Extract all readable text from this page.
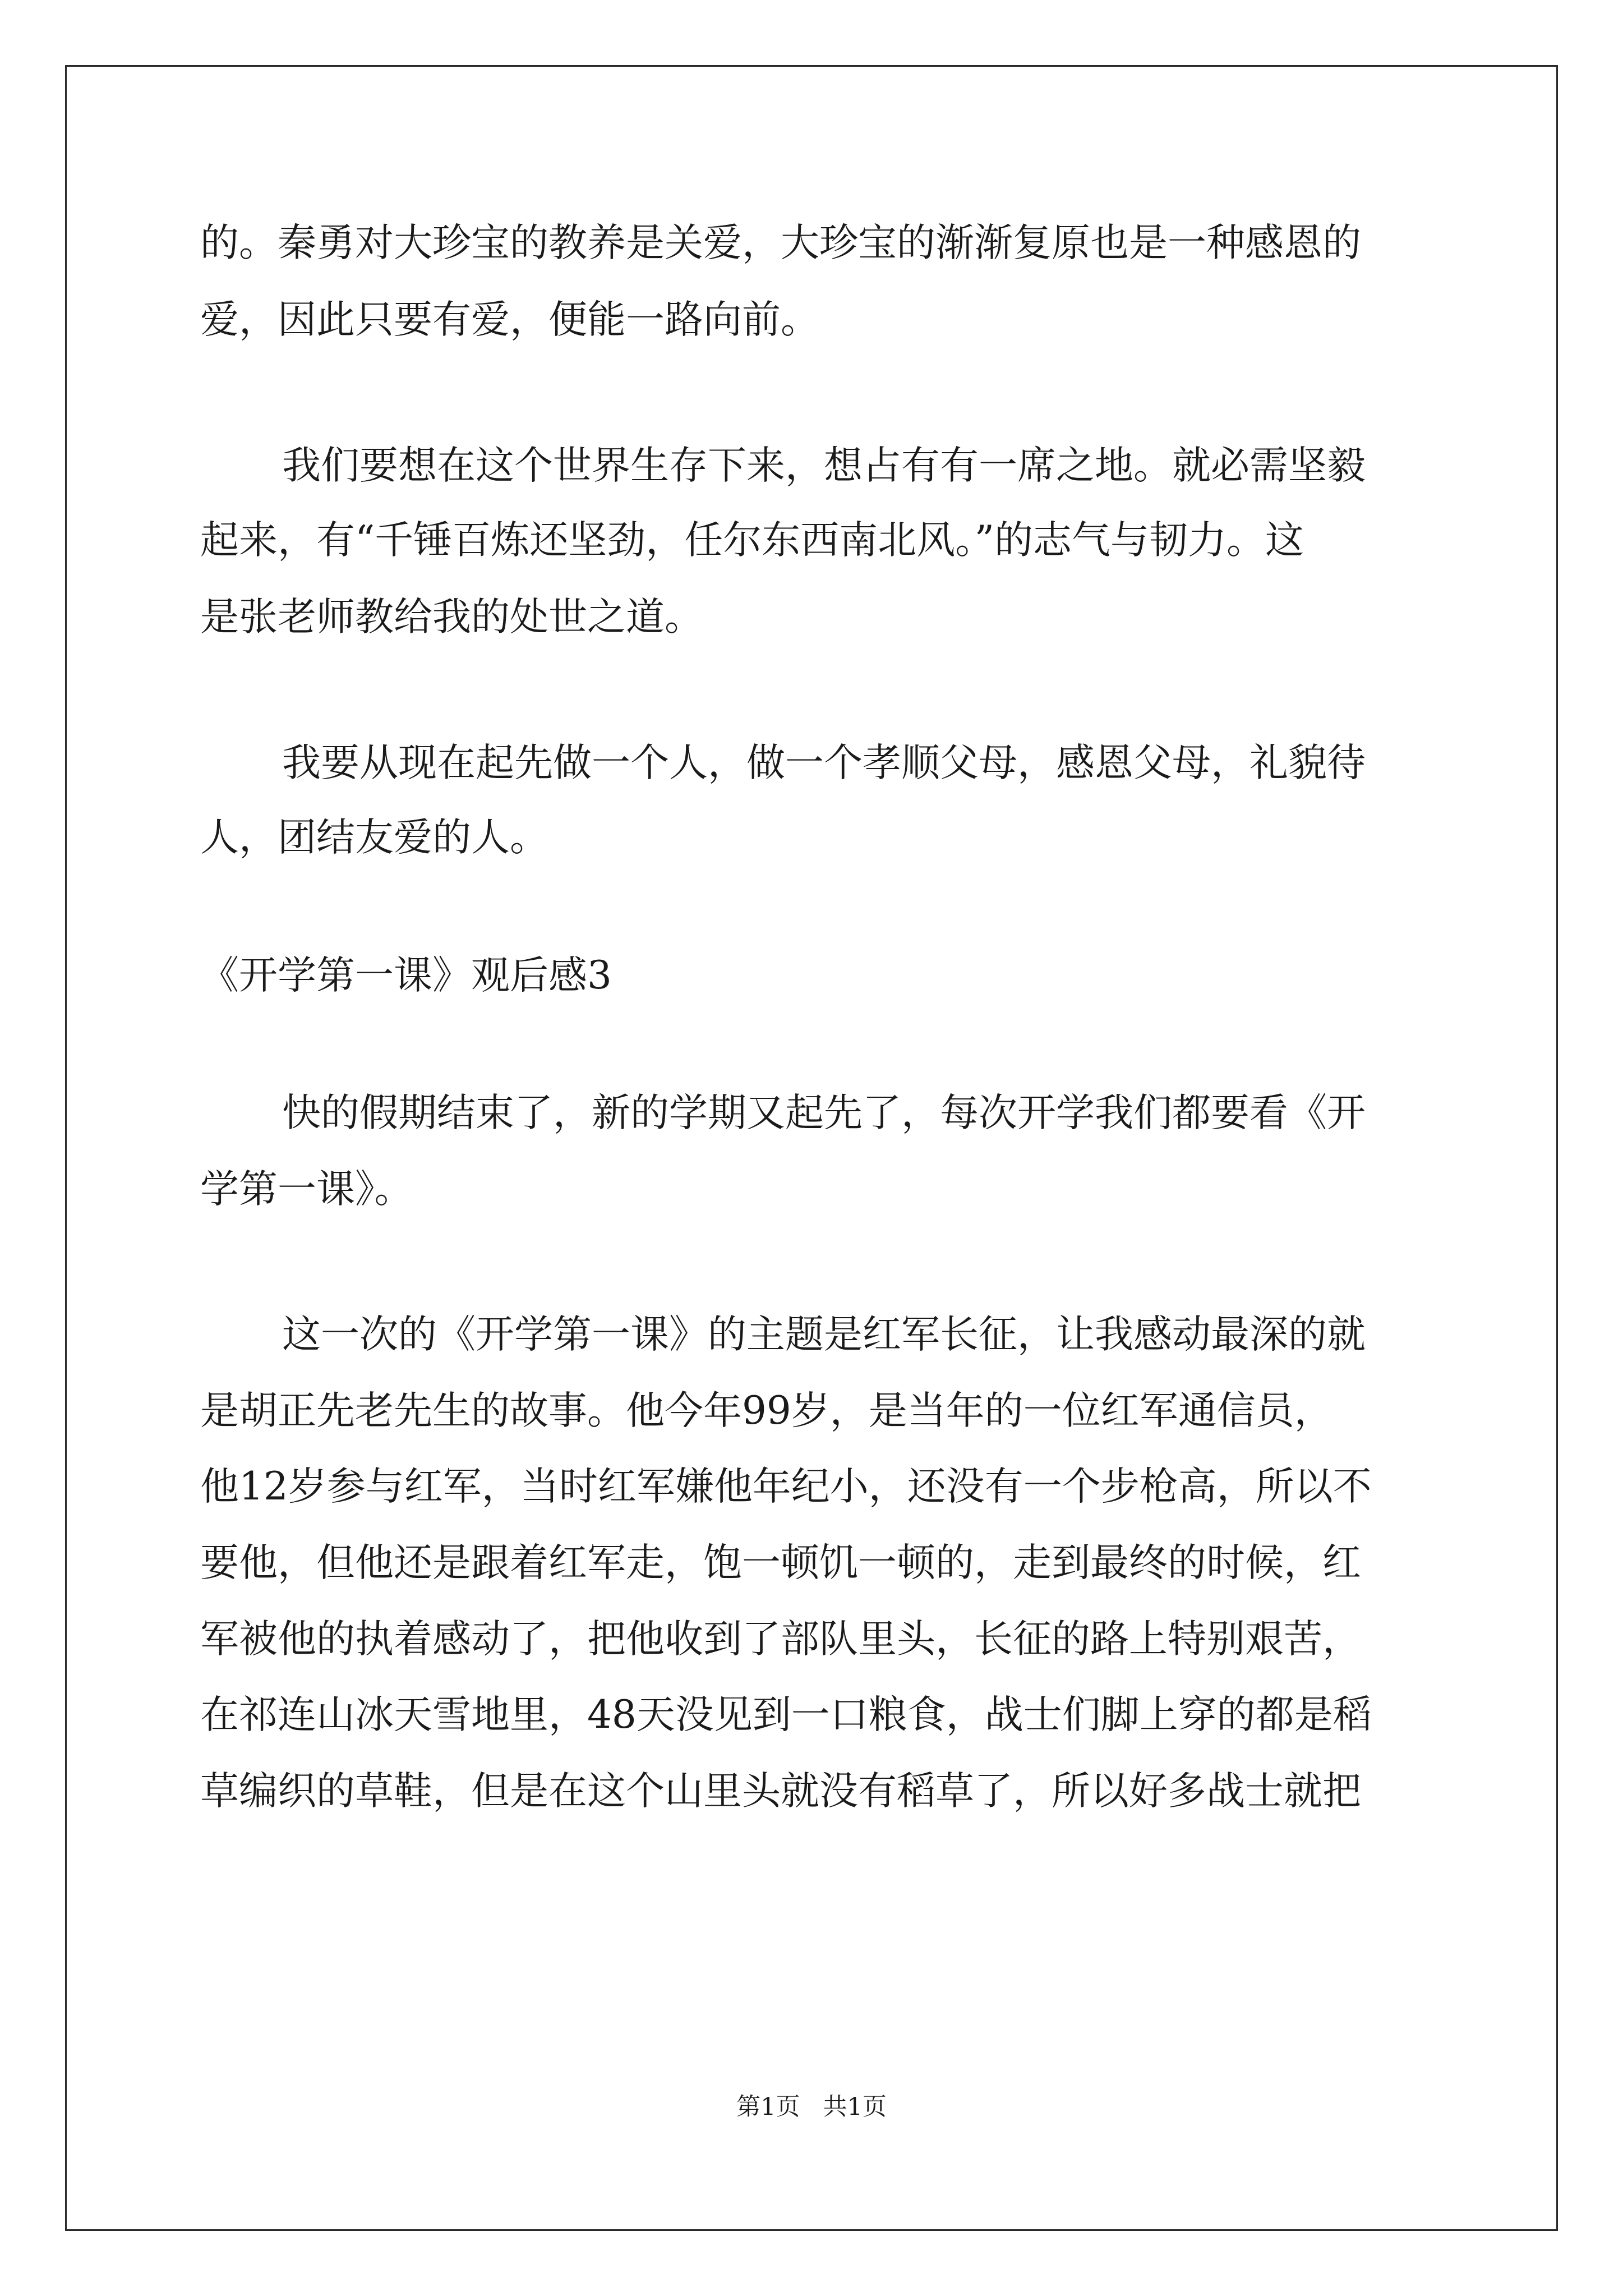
的。秦勇对大珍宝的教养是关爱，大珍宝的渐渐复原也是一种感恩的

爱，因此只要有爱，便能一路向前。

我们要想在这个世界生存下来，想占有有一席之地。就必需坚毅

起来，有“千锤百炼还坚劲，任尔东西南北风。”的志气与韧力。这

是张老师教给我的处世之道。

我要从现在起先做一个人，做一个孝顺父母，感恩父母，礼貌待

人，团结友爱的人。

《开学第一课》观后感3

快的假期结束了，新的学期又起先了，每次开学我们都要看《开

学第一课》。

这一次的《开学第一课》的主题是红军长征，让我感动最深的就

是胡正先老先生的故事。他今年99岁，是当年的一位红军通信员，

他12岁参与红军，当时红军嫌他年纪小，还没有一个步枪高，所以不

要他，但他还是跟着红军走，饱一顿饥一顿的，走到最终的时候，红

军被他的执着感动了，把他收到了部队里头，长征的路上特别艰苦，

在祁连山冰天雪地里，48天没见到一口粮食，战士们脚上穿的都是稻

草编织的草鞋，但是在这个山里头就没有稻草了，所以好多战士就把

第1页   共1页
